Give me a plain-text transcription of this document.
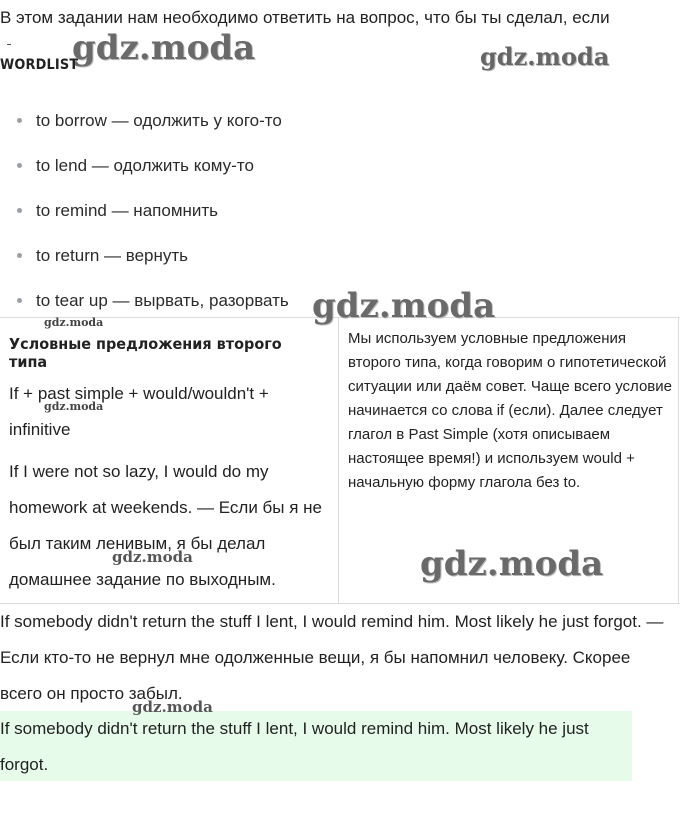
В этом задании нам необходимо ответить на вопрос, что бы ты сделал, если
WORDLIST
to borrow — одолжить у кого-то
to lend — одолжить кому-то
to remind — напомнить
to return — вернуть
to tear up — вырвать, разорвать
Условные предложения второго типа
If + past simple + would/wouldn't + infinitive
If I were not so lazy, I would do my homework at weekends. — Если бы я не был таким ленивым, я бы делал домашнее задание по выходным.
Мы используем условные предложения второго типа, когда говорим о гипотетической ситуации или даём совет. Чаще всего условие начинается со слова if (если). Далее следует глагол в Past Simple (хотя описываем настоящее время!) и используем would + начальную форму глагола без to.
If somebody didn't return the stuff I lent, I would remind him. Most likely he just forgot. — Если кто-то не вернул мне одолженные вещи, я бы напомнил человеку. Скорее всего он просто забыл.
If somebody didn't return the stuff I lent, I would remind him. Most likely he just forgot.
gdz.moda	gdz.moda
gdz.moda
gdz.moda
gdz.moda
gdz.moda	gdz.moda
gdz.moda
